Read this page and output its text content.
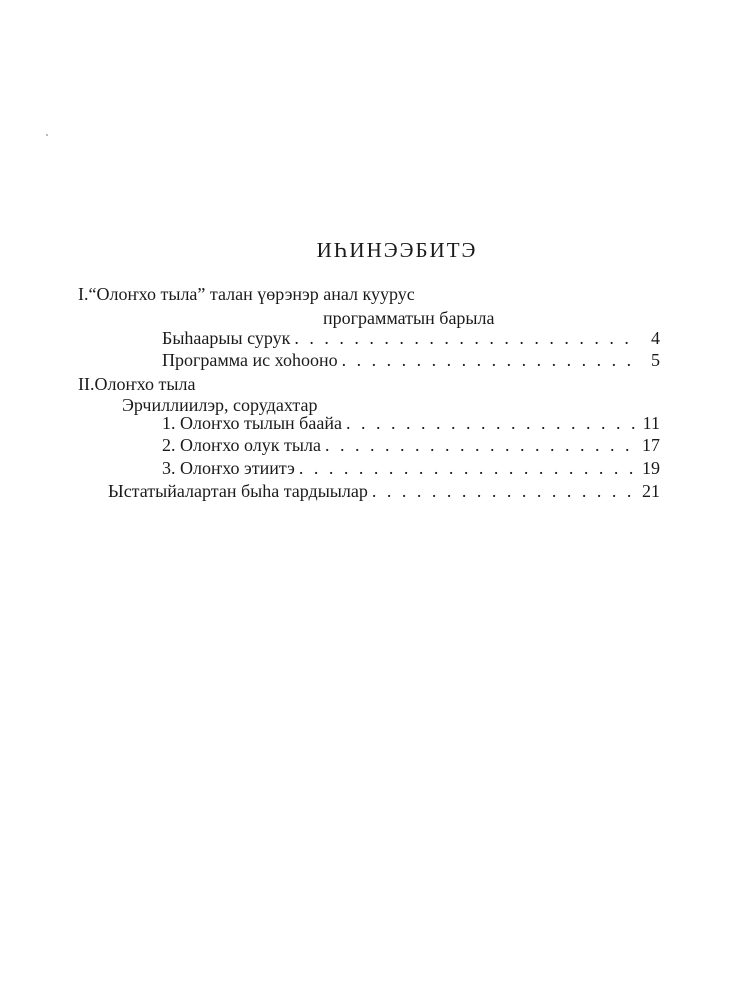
ИҺИНЭЭБИТЭ
I.“Олоҥхо тыла” талан үөрэнэр анал куурус
программатын барыла
Быһаарыы сурук . . .	4
Программа ис хоһооно . . .	5
II.Олоҥхо тыла
Эрчиллиилэр, сорудахтар
1. Олоҥхо тылын баайа . . .	11
2. Олоҥхо олук тыла . . .	17
3. Олоҥхо этиитэ . . .	19
Ыстатыйалартан быһа тардыылар . . .	21
